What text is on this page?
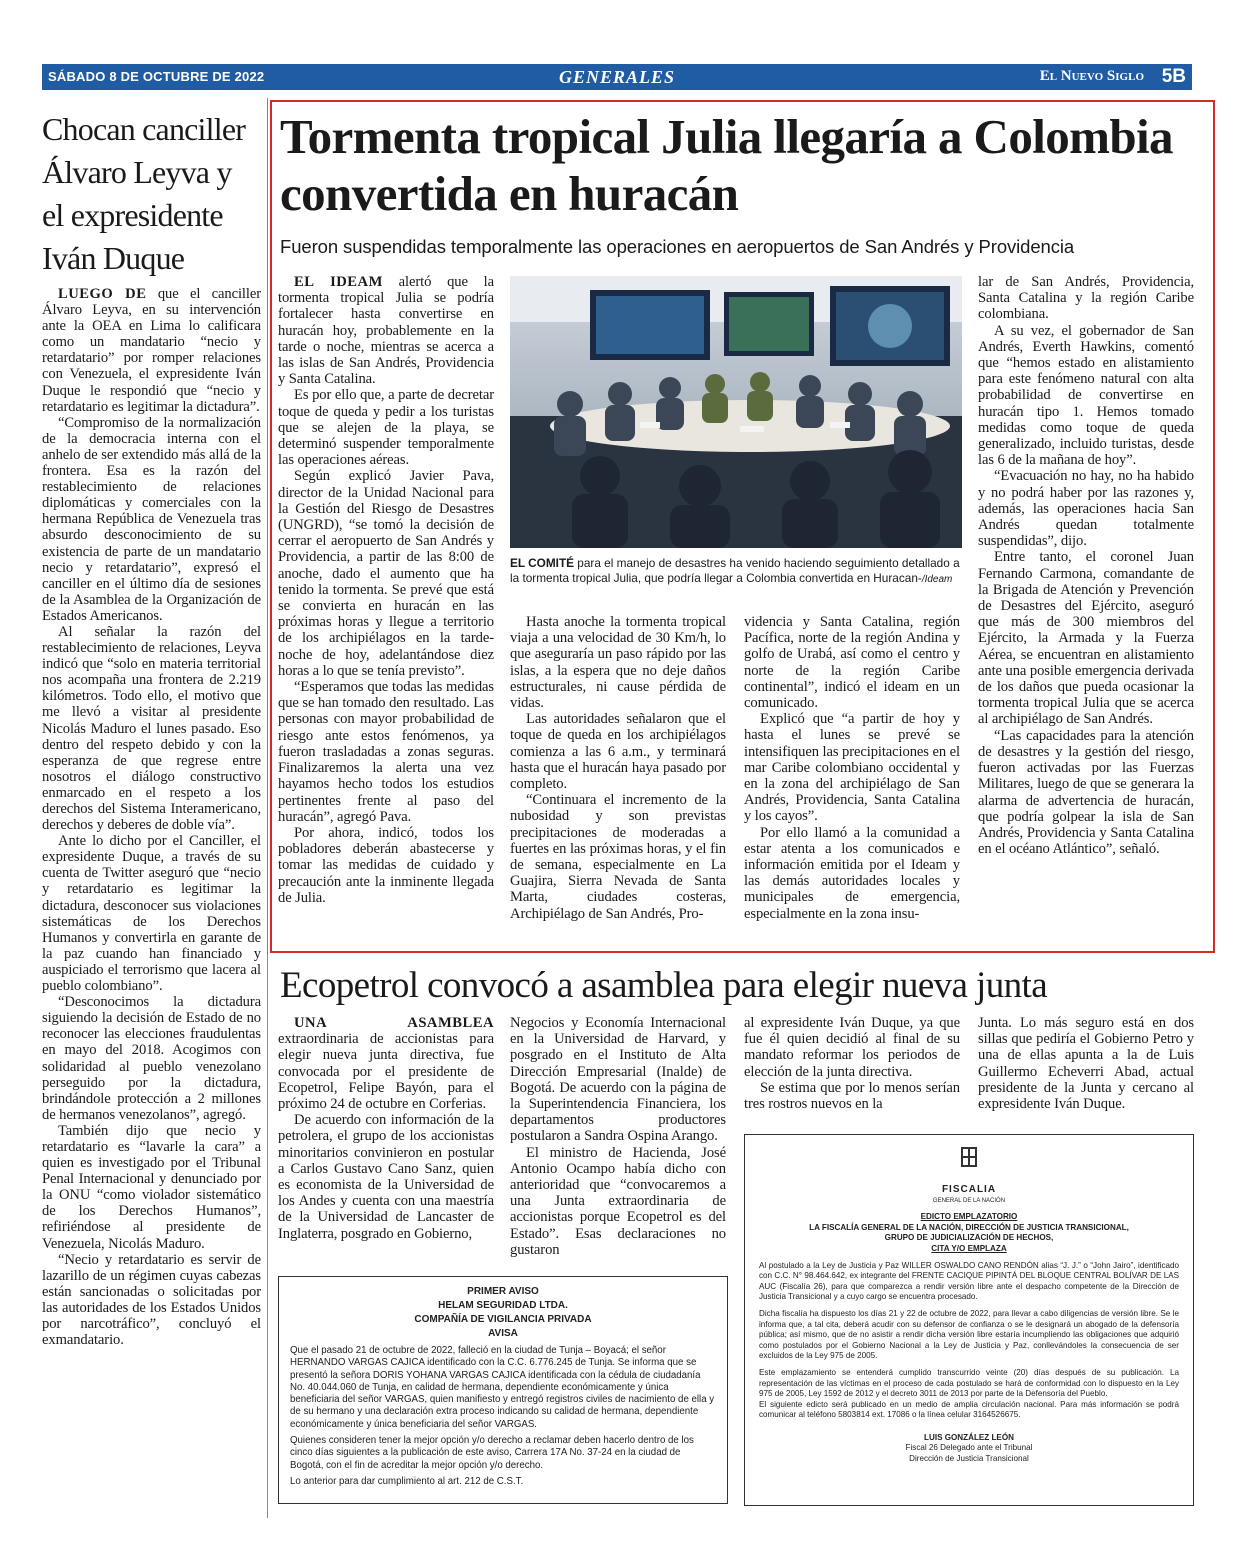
SÁBADO 8 DE OCTUBRE DE 2022	GENERALES	El Nuevo Siglo 5B
Chocan canciller Álvaro Leyva y el expresidente Iván Duque

LUEGO DE que el canciller Álvaro Leyva, en su intervención ante la OEA en Lima lo calificara como un mandatario “necio y retardatario” por romper relaciones con Venezuela, el expresidente Iván Duque le respondió que “necio y retardatario es legitimar la dictadura”.

“Compromiso de la normalización de la democracia interna con el anhelo de ser extendido más allá de la frontera. Esa es la razón del restablecimiento de relaciones diplomáticas y comerciales con la hermana República de Venezuela tras absurdo desconocimiento de su existencia de parte de un mandatario necio y retardatario”, expresó el canciller en el último día de sesiones de la Asamblea de la Organización de Estados Americanos.

Al señalar la razón del restablecimiento de relaciones, Leyva indicó que “solo en materia territorial nos acompaña una frontera de 2.219 kilómetros. Todo ello, el motivo que me llevó a visitar al presidente Nicolás Maduro el lunes pasado. Eso dentro del respeto debido y con la esperanza de que regrese entre nosotros el diálogo constructivo enmarcado en el respeto a los derechos del Sistema Interamericano, derechos y deberes de doble vía”.

Ante lo dicho por el Canciller, el expresidente Duque, a través de su cuenta de Twitter aseguró que “necio y retardatario es legitimar la dictadura, desconocer sus violaciones sistemáticas de los Derechos Humanos y convertirla en garante de la paz cuando han financiado y auspiciado el terrorismo que lacera al pueblo colombiano”.

“Desconocimos la dictadura siguiendo la decisión de Estado de no reconocer las elecciones fraudulentas en mayo del 2018. Acogimos con solidaridad al pueblo venezolano perseguido por la dictadura, brindándole protección a 2 millones de hermanos venezolanos”, agregó.

También dijo que necio y retardatario es “lavarle la cara” a quien es investigado por el Tribunal Penal Internacional y denunciado por la ONU “como violador sistemático de los Derechos Humanos”, refiriéndose al presidente de Venezuela, Nicolás Maduro.

“Necio y retardatario es servir de lazarillo de un régimen cuyas cabezas están sancionadas o solicitadas por las autoridades de los Estados Unidos por narcotráfico”, concluyó el exmandatario.

Tormenta tropical Julia llegaría a Colombia convertida en huracán
Fueron suspendidas temporalmente las operaciones en aeropuertos de San Andrés y Providencia

EL IDEAM alertó que la tormenta tropical Julia se podría fortalecer hasta convertirse en huracán hoy, probablemente en la tarde o noche, mientras se acerca a las islas de San Andrés, Providencia y Santa Catalina.

Es por ello que, a parte de decretar toque de queda y pedir a los turistas que se alejen de la playa, se determinó suspender temporalmente las operaciones aéreas.

Según explicó Javier Pava, director de la Unidad Nacional para la Gestión del Riesgo de Desastres (UNGRD), “se tomó la decisión de cerrar el aeropuerto de San Andrés y Providencia, a partir de las 8:00 de anoche, dado el aumento que ha tenido la tormenta. Se prevé que está se convierta en huracán en las próximas horas y llegue a territorio de los archipiélagos en la tarde-noche de hoy, adelantándose diez horas a lo que se tenía previsto”.

“Esperamos que todas las medidas que se han tomado den resultado. Las personas con mayor probabilidad de riesgo ante estos fenómenos, ya fueron trasladadas a zonas seguras. Finalizaremos la alerta una vez hayamos hecho todos los estudios pertinentes frente al paso del huracán”, agregó Pava.

Por ahora, indicó, todos los pobladores deberán abastecerse y tomar las medidas de cuidado y precaución ante la inminente llegada de Julia.

EL COMITÉ para el manejo de desastres ha venido haciendo seguimiento detallado a la tormenta tropical Julia, que podría llegar a Colombia convertida en Huracan-/Ideam

Hasta anoche la tormenta tropical viaja a una velocidad de 30 Km/h, lo que aseguraría un paso rápido por las islas, a la espera que no deje daños estructurales, ni cause pérdida de vidas.

Las autoridades señalaron que el toque de queda en los archipiélagos comienza a las 6 a.m., y terminará hasta que el huracán haya pasado por completo.

“Continuara el incremento de la nubosidad y son previstas precipitaciones de moderadas a fuertes en las próximas horas, y el fin de semana, especialmente en La Guajira, Sierra Nevada de Santa Marta, ciudades costeras, Archipiélago de San Andrés, Pro-

videncia y Santa Catalina, región Pacífica, norte de la región Andina y golfo de Urabá, así como el centro y norte de la región Caribe continental”, indicó el ideam en un comunicado.

Explicó que “a partir de hoy y hasta el lunes se prevé se intensifiquen las precipitaciones en el mar Caribe colombiano occidental y en la zona del archipiélago de San Andrés, Providencia, Santa Catalina y los cayos”.

Por ello llamó a la comunidad a estar atenta a los comunicados e información emitida por el Ideam y las demás autoridades locales y municipales de emergencia, especialmente en la zona insu-

lar de San Andrés, Providencia, Santa Catalina y la región Caribe colombiana.

A su vez, el gobernador de San Andrés, Everth Hawkins, comentó que “hemos estado en alistamiento para este fenómeno natural con alta probabilidad de convertirse en huracán tipo 1. Hemos tomado medidas como toque de queda generalizado, incluido turistas, desde las 6 de la mañana de hoy”.

“Evacuación no hay, no ha habido y no podrá haber por las razones y, además, las operaciones hacia San Andrés quedan totalmente suspendidas”, dijo.

Entre tanto, el coronel Juan Fernando Carmona, comandante de la Brigada de Atención y Prevención de Desastres del Ejército, aseguró que más de 300 miembros del Ejército, la Armada y la Fuerza Aérea, se encuentran en alistamiento ante una posible emergencia derivada de los daños que pueda ocasionar la tormenta tropical Julia que se acerca al archipiélago de San Andrés.

“Las capacidades para la atención de desastres y la gestión del riesgo, fueron activadas por las Fuerzas Militares, luego de que se generara la alarma de advertencia de huracán, que podría golpear la isla de San Andrés, Providencia y Santa Catalina en el océano Atlántico”, señaló.

Ecopetrol convocó a asamblea para elegir nueva junta

UNA ASAMBLEA extraordinaria de accionistas para elegir nueva junta directiva, fue convocada por el presidente de Ecopetrol, Felipe Bayón, para el próximo 24 de octubre en Corferias.

De acuerdo con información de la petrolera, el grupo de los accionistas minoritarios convinieron en postular a Carlos Gustavo Cano Sanz, quien es economista de la Universidad de los Andes y cuenta con una maestría de la Universidad de Lancaster de Inglaterra, posgrado en Gobierno,

Negocios y Economía Internacional en la Universidad de Harvard, y posgrado en el Instituto de Alta Dirección Empresarial (Inalde) de Bogotá. De acuerdo con la página de la Superintendencia Financiera, los departamentos productores postularon a Sandra Ospina Arango.

El ministro de Hacienda, José Antonio Ocampo había dicho con anterioridad que “convocaremos a una Junta extraordinaria de accionistas porque Ecopetrol es del Estado”. Esas declaraciones no gustaron

al expresidente Iván Duque, ya que fue él quien decidió al final de su mandato reformar los periodos de elección de la junta directiva.

Se estima que por lo menos serían tres rostros nuevos en la

Junta. Lo más seguro está en dos sillas que pediría el Gobierno Petro y una de ellas apunta a la de Luis Guillermo Echeverri Abad, actual presidente de la Junta y cercano al expresidente Iván Duque.

PRIMER AVISO
HELAM SEGURIDAD LTDA.
COMPAÑÍA DE VIGILANCIA PRIVADA
AVISA

Que el pasado 21 de octubre de 2022, falleció en la ciudad de Tunja – Boyacá; el señor HERNANDO VARGAS CAJICA identificado con la C.C. 6.776.245 de Tunja. Se informa que se presentó la señora DORIS YOHANA VARGAS CAJICA identificada con la cédula de ciudadanía No. 40.044.060 de Tunja, en calidad de hermana, dependiente económicamente y única beneficiaria del señor VARGAS, quien manifiesto y entregó registros civiles de nacimiento de ella y de su hermano y una declaración extra proceso indicando su calidad de hermana, dependiente económicamente y única beneficiaria del señor VARGAS.

Quienes consideren tener la mejor opción y/o derecho a reclamar deben hacerlo dentro de los cinco días siguientes a la publicación de este aviso, Carrera 17A No. 37-24 en la ciudad de Bogotá, con el fin de acreditar la mejor opción y/o derecho.

Lo anterior para dar cumplimiento al art. 212 de C.S.T.

FISCALIA
GENERAL DE LA NACIÓN
EDICTO EMPLAZATORIO
LA FISCALÍA GENERAL DE LA NACIÓN, DIRECCIÓN DE JUSTICIA TRANSICIONAL, GRUPO DE JUDICIALIZACIÓN DE HECHOS,
CITA Y/O EMPLAZA

Al postulado a la Ley de Justicia y Paz WILLER OSWALDO CANO RENDÓN alias “J. J.” o “John Jairo”, identificado con C.C. N° 98.464.642, ex integrante del FRENTE CACIQUE PIPINTÁ DEL BLOQUE CENTRAL BOLÍVAR DE LAS AUC (Fiscalía 26), para que comparezca a rendir versión libre ante el despacho competente de la Dirección de Justicia Transicional y a cuyo cargo se encuentra procesado.

Dicha fiscalía ha dispuesto los días 21 y 22 de octubre de 2022, para llevar a cabo diligencias de versión libre. Se le informa que, a tal cita, deberá acudir con su defensor de confianza o se le designará un abogado de la defensoría pública; así mismo, que de no asistir a rendir dicha versión libre estaría incumpliendo las obligaciones que adquirió como postulados por el Gobierno Nacional a la Ley de Justicia y Paz, conllevándoles la consecuencia de ser excluidos de la Ley 975 de 2005.

Este emplazamiento se entenderá cumplido transcurrido veinte (20) días después de su publicación. La representación de las víctimas en el proceso de cada postulado se hará de conformidad con lo dispuesto en la Ley 975 de 2005, Ley 1592 de 2012 y el decreto 3011 de 2013 por parte de la Defensoría del Pueblo.

El siguiente edicto será publicado en un medio de amplia circulación nacional. Para más información se podrá comunicar al teléfono 5803814 ext. 17086 o la línea celular 3164526675.

LUIS GONZÁLEZ LEÓN
Fiscal 26 Delegado ante el Tribunal
Dirección de Justicia Transicional
